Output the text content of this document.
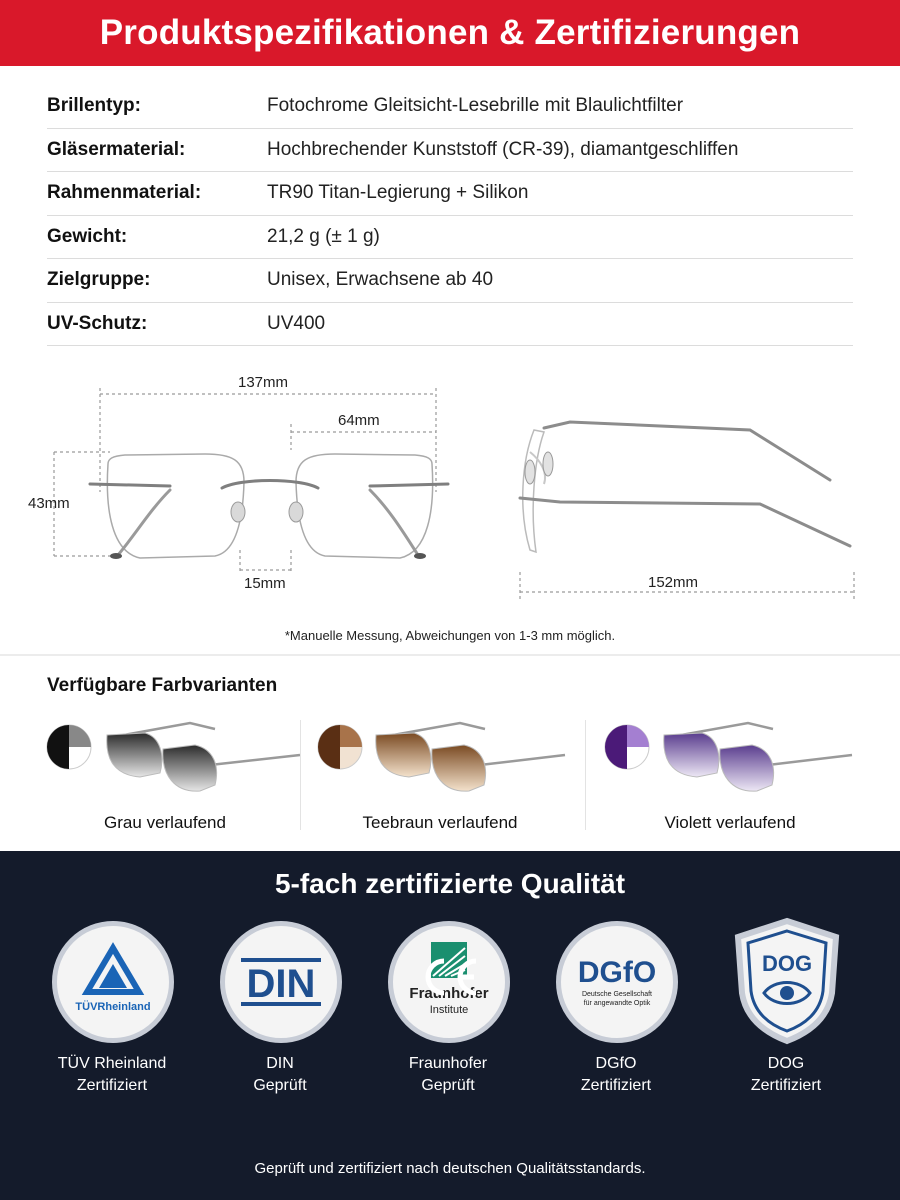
Produktspezifikationen & Zertifizierungen
Brillentyp:	Fotochrome Gleitsicht-Lesebrille mit Blaulichtfilter
Gläsermaterial:	Hochbrechender Kunststoff (CR-39), diamantgeschliffen
Rahmenmaterial:	TR90 Titan-Legierung + Silikon
Gewicht:	21,2 g (± 1 g)
Zielgruppe:	Unisex, Erwachsene ab 40
UV-Schutz:	UV400
137mm
64mm
43mm
15mm	152mm
*Manuelle Messung, Abweichungen von 1-3 mm möglich.
Verfügbare Farbvarianten
Grau verlaufend	Teebraun verlaufend	Violett verlaufend
5-fach zertifizierte Qualität
TÜVRheinland
TÜV Rheinland
Zertifiziert
DIN
DIN
Geprüft
Fraunhofer
Institute
Fraunhofer
Geprüft
DGfO
Deutsche Gesellschaft
für angewandte Optik
DGfO
Zertifiziert
DOG
DOG
Zertifiziert
Geprüft und zertifiziert nach deutschen Qualitätsstandards.
